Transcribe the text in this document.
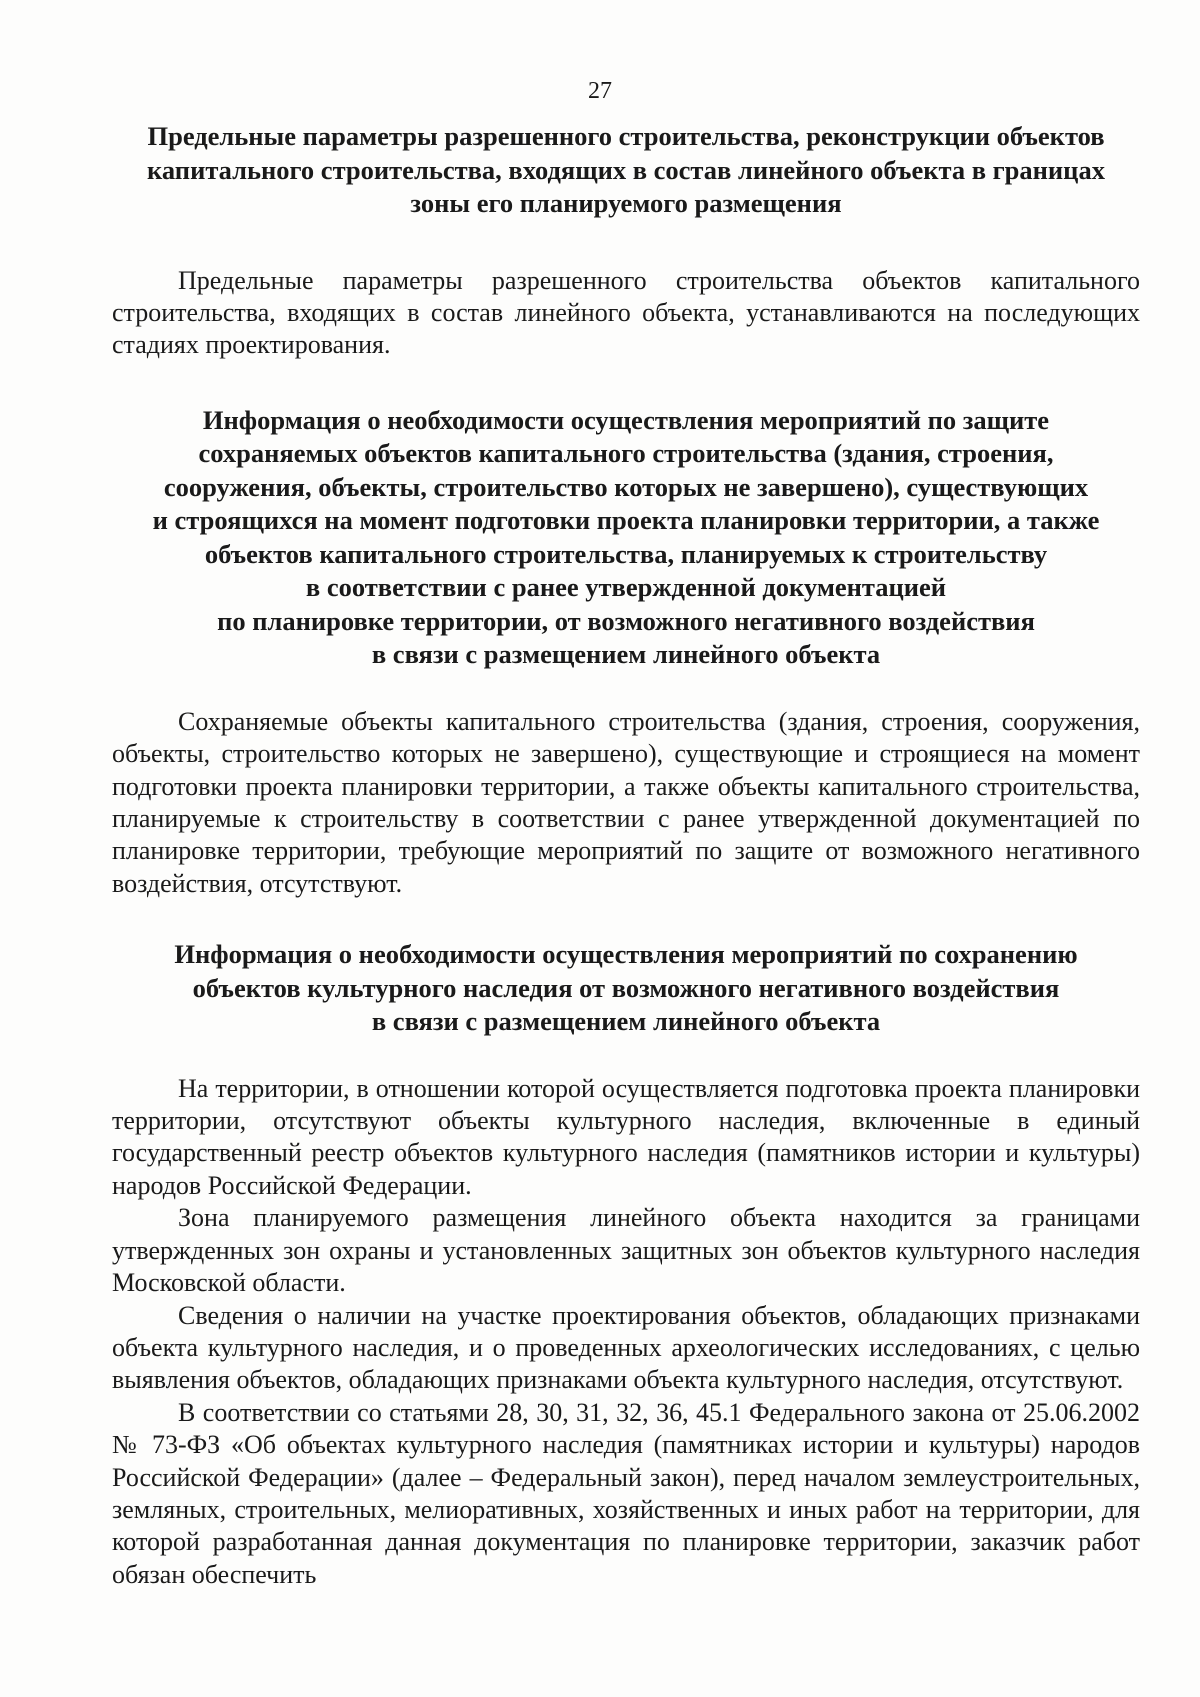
27
Предельные параметры разрешенного строительства, реконструкции объектов
капитального строительства, входящих в состав линейного объекта в границах
зоны его планируемого размещения

Предельные параметры разрешенного строительства объектов капитального строительства, входящих в состав линейного объекта, устанавливаются на последующих стадиях проектирования.

Информация о необходимости осуществления мероприятий по защите
сохраняемых объектов капитального строительства (здания, строения,
сооружения, объекты, строительство которых не завершено), существующих
и строящихся на момент подготовки проекта планировки территории, а также
объектов капитального строительства, планируемых к строительству
в соответствии с ранее утвержденной документацией
по планировке территории, от возможного негативного воздействия
в связи с размещением линейного объекта

Сохраняемые объекты капитального строительства (здания, строения, сооружения, объекты, строительство которых не завершено), существующие и строящиеся на момент подготовки проекта планировки территории, а также объекты капитального строительства, планируемые к строительству в соответствии с ранее утвержденной документацией по планировке территории, требующие мероприятий по защите от возможного негативного воздействия, отсутствуют.

Информация о необходимости осуществления мероприятий по сохранению
объектов культурного наследия от возможного негативного воздействия
в связи с размещением линейного объекта

На территории, в отношении которой осуществляется подготовка проекта планировки территории, отсутствуют объекты культурного наследия, включенные в единый государственный реестр объектов культурного наследия (памятников истории и культуры) народов Российской Федерации.

Зона планируемого размещения линейного объекта находится за границами утвержденных зон охраны и установленных защитных зон объектов культурного наследия Московской области.

Сведения о наличии на участке проектирования объектов, обладающих признаками объекта культурного наследия, и о проведенных археологических исследованиях, с целью выявления объектов, обладающих признаками объекта культурного наследия, отсутствуют.

В соответствии со статьями 28, 30, 31, 32, 36, 45.1 Федерального закона от 25.06.2002 № 73-ФЗ «Об объектах культурного наследия (памятниках истории и культуры) народов Российской Федерации» (далее – Федеральный закон), перед началом землеустроительных, земляных, строительных, мелиоративных, хозяйственных и иных работ на территории, для которой разработанная данная документация по планировке территории, заказчик работ обязан обеспечить
